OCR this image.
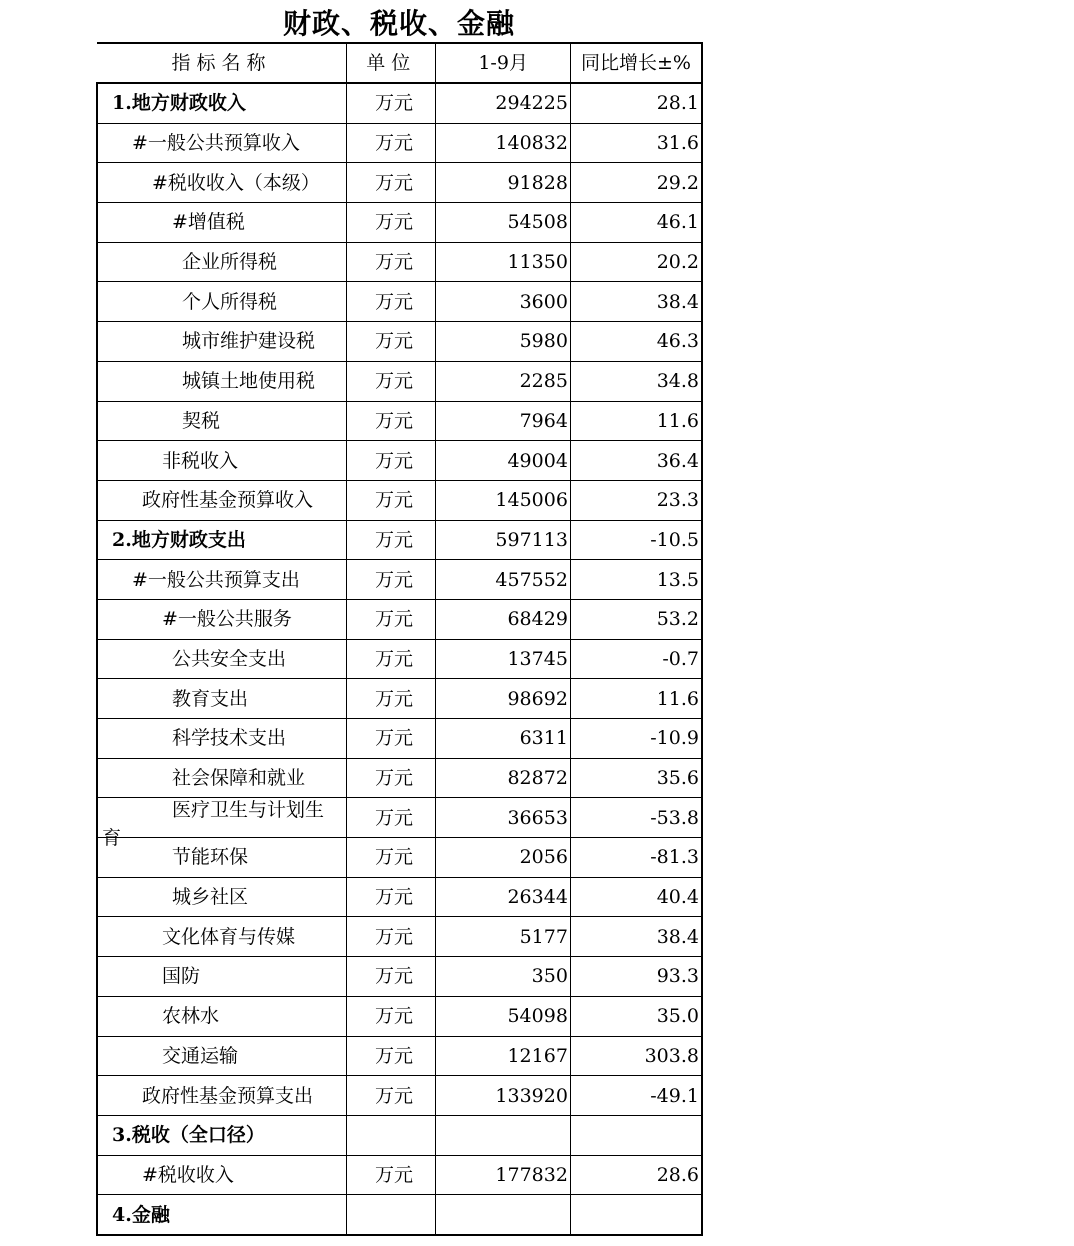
财政、税收、金融
指标名称	单位	1-9月	同比增长±%

1.地方财政收入	万元	294225	28.1

#一般公共预算收入	万元	140832	31.6

#税收收入（本级）	万元	91828	29.2

#增值税	万元	54508	46.1

企业所得税	万元	11350	20.2

个人所得税	万元	3600	38.4

城市维护建设税	万元	5980	46.3

城镇土地使用税	万元	2285	34.8

契税	万元	7964	11.6

非税收入	万元	49004	36.4

政府性基金预算收入	万元	145006	23.3

2.地方财政支出	万元	597113	-10.5

#一般公共预算支出	万元	457552	13.5

#一般公共服务	万元	68429	53.2

公共安全支出	万元	13745	-0.7

教育支出	万元	98692	11.6

科学技术支出	万元	6311	-10.9

社会保障和就业	万元	82872	35.6

医疗卫生与计划生
育	万元	36653	-53.8

节能环保	万元	2056	-81.3

城乡社区	万元	26344	40.4

文化体育与传媒	万元	5177	38.4

国防	万元	350	93.3

农林水	万元	54098	35.0

交通运输	万元	12167	303.8

政府性基金预算支出	万元	133920	-49.1

3.税收（全口径）			

#税收收入	万元	177832	28.6

4.金融			
